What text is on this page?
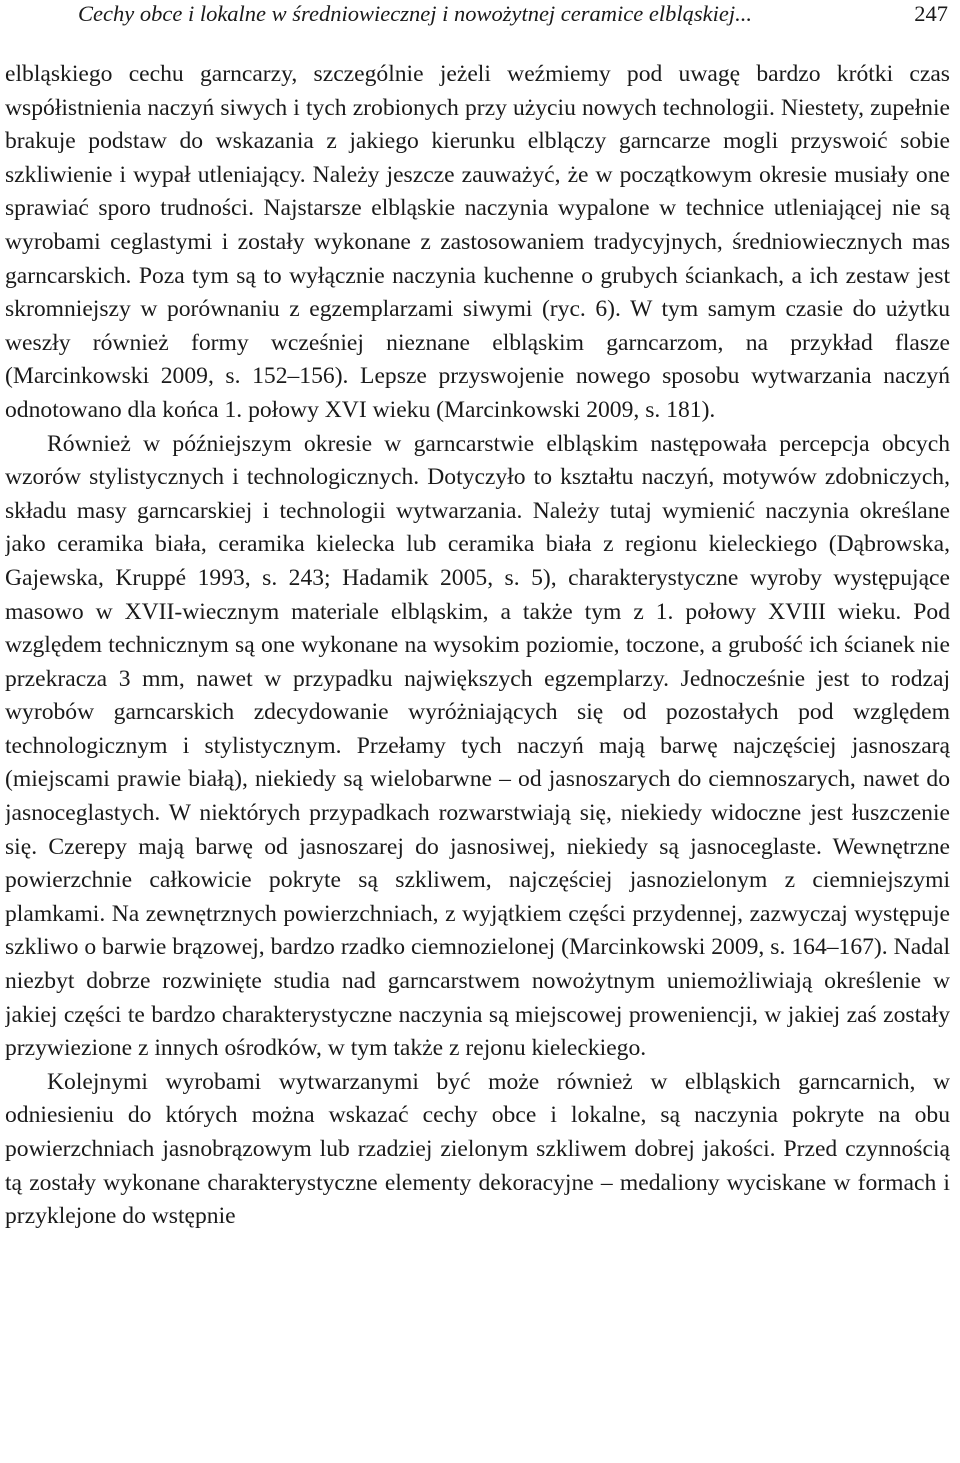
Cechy obce i lokalne w średniowiecznej i nowożytnej ceramice elbląskiej...	247

elbląskiego cechu garncarzy, szczególnie jeżeli weźmiemy pod uwagę bardzo krótki czas współistnienia naczyń siwych i tych zrobionych przy użyciu nowych technologii. Niestety, zupełnie brakuje podstaw do wskazania z jakiego kierunku elblączy garncarze mogli przyswoić sobie szkliwienie i wypał utleniający. Należy jeszcze zauważyć, że w początkowym okresie musiały one sprawiać sporo trudności. Najstarsze elbląskie naczynia wypalone w technice utleniającej nie są wyrobami ceglastymi i zostały wykonane z zastosowaniem tradycyjnych, średniowiecznych mas garncarskich. Poza tym są to wyłącznie naczynia kuchenne o grubych ściankach, a ich zestaw jest skromniejszy w porównaniu z egzemplarzami siwymi (ryc. 6). W tym samym czasie do użytku weszły również formy wcześniej nieznane elbląskim garncarzom, na przykład flasze (Marcinkowski 2009, s. 152–156). Lepsze przyswojenie nowego sposobu wytwarzania naczyń odnotowano dla końca 1. połowy XVI wieku (Marcinkowski 2009, s. 181).

Również w późniejszym okresie w garncarstwie elbląskim następowała percepcja obcych wzorów stylistycznych i technologicznych. Dotyczyło to kształtu naczyń, motywów zdobniczych, składu masy garncarskiej i technologii wytwarzania. Należy tutaj wymienić naczynia określane jako ceramika biała, ceramika kielecka lub ceramika biała z regionu kieleckiego (Dąbrowska, Gajewska, Kruppé 1993, s. 243; Hadamik 2005, s. 5), charakterystyczne wyroby występujące masowo w XVII-wiecznym materiale elbląskim, a także tym z 1. połowy XVIII wieku. Pod względem technicznym są one wykonane na wysokim poziomie, toczone, a grubość ich ścianek nie przekracza 3 mm, nawet w przypadku największych egzemplarzy. Jednocześnie jest to rodzaj wyrobów garncarskich zdecydowanie wyróżniających się od pozostałych pod względem technologicznym i stylistycznym. Przełamy tych naczyń mają barwę najczęściej jasnoszarą (miejscami prawie białą), niekiedy są wielobarwne – od jasnoszarych do ciemnoszarych, nawet do jasnoceglastych. W niektórych przypadkach rozwarstwiają się, niekiedy widoczne jest łuszczenie się. Czerepy mają barwę od jasnoszarej do jasnosiwej, niekiedy są jasnoceglaste. Wewnętrzne powierzchnie całkowicie pokryte są szkliwem, najczęściej jasnozielonym z ciemniejszymi plamkami. Na zewnętrznych powierzchniach, z wyjątkiem części przydennej, zazwyczaj występuje szkliwo o barwie brązowej, bardzo rzadko ciemnozielonej (Marcinkowski 2009, s. 164–167). Nadal niezbyt dobrze rozwinięte studia nad garncarstwem nowożytnym uniemożliwiają określenie w jakiej części te bardzo charakterystyczne naczynia są miejscowej proweniencji, w jakiej zaś zostały przywiezione z innych ośrodków, w tym także z rejonu kieleckiego.

Kolejnymi wyrobami wytwarzanymi być może również w elbląskich garncarnich, w odniesieniu do których można wskazać cechy obce i lokalne, są naczynia pokryte na obu powierzchniach jasnobrązowym lub rzadziej zielonym szkliwem dobrej jakości. Przed czynnością tą zostały wykonane charakterystyczne elementy dekoracyjne – medaliony wyciskane w formach i przyklejone do wstępnie
